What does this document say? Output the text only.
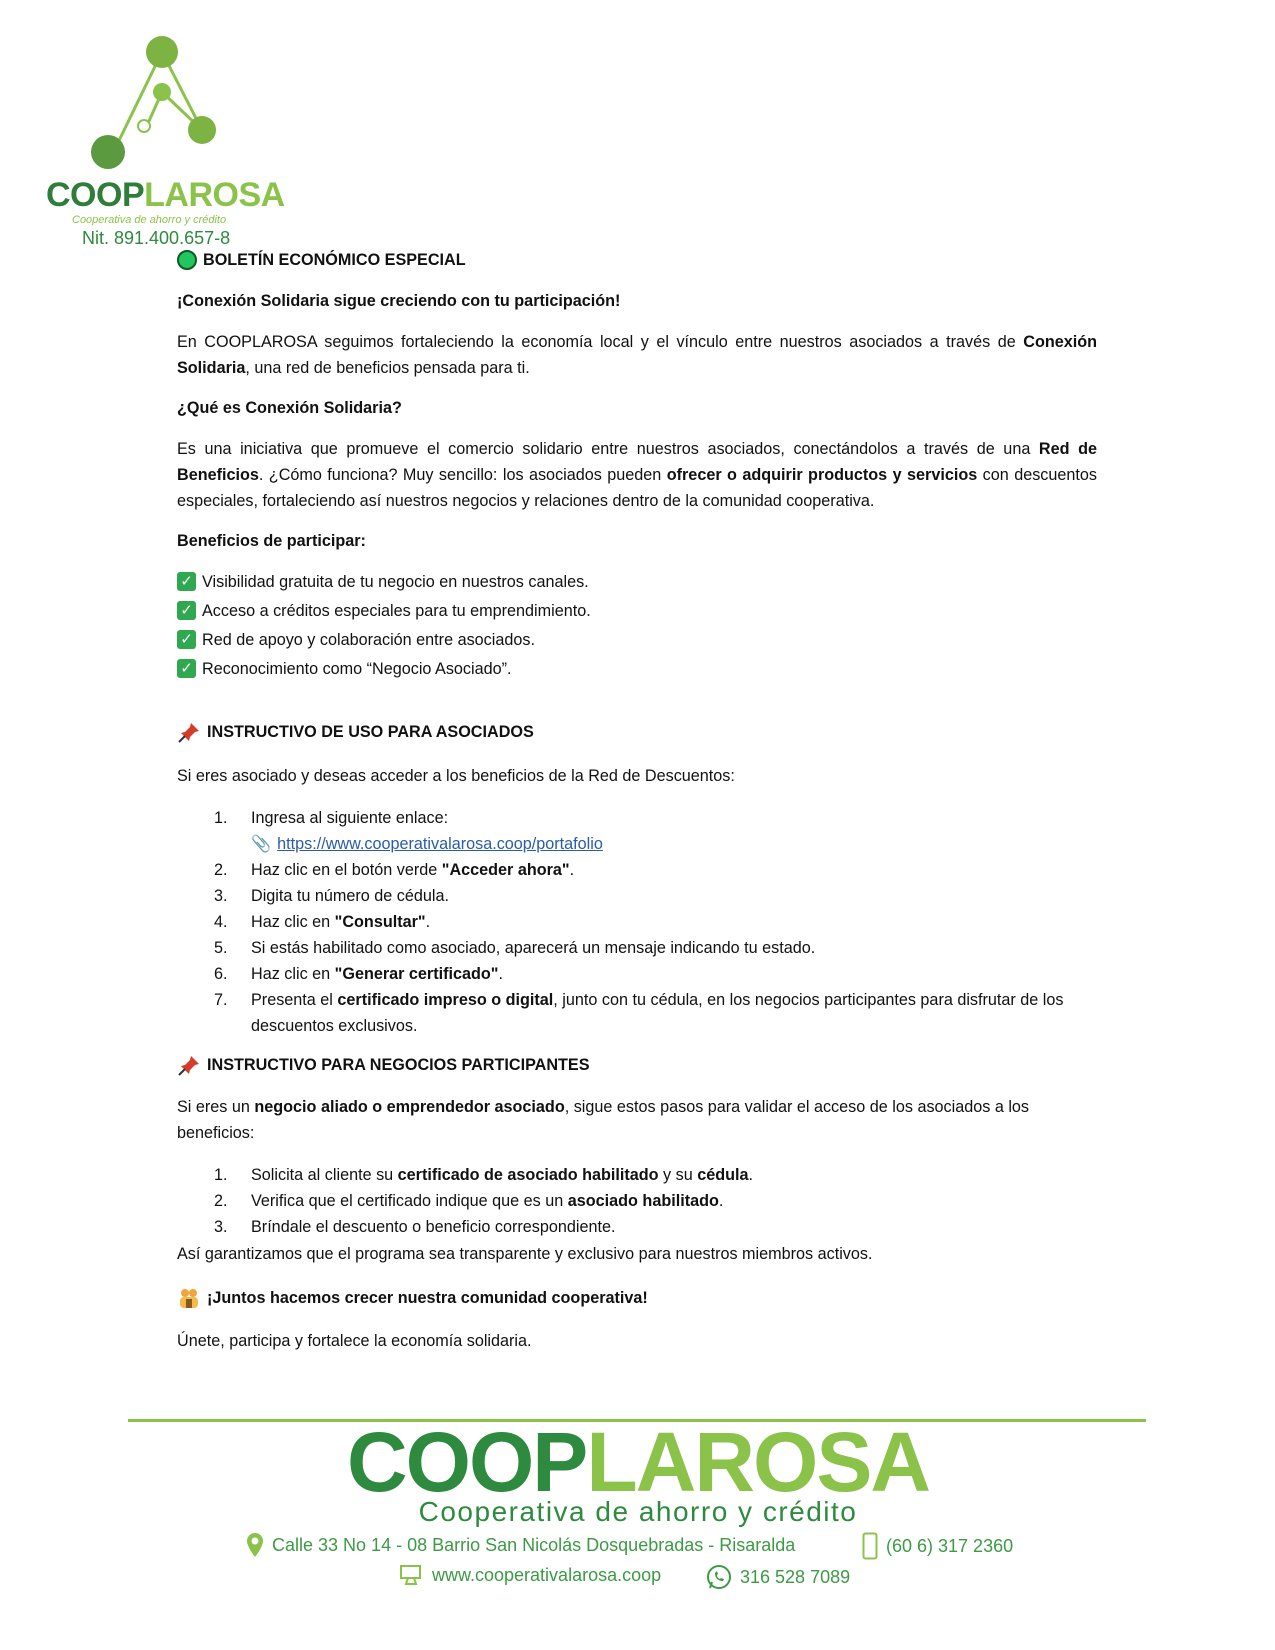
COOPLAROSA
Cooperativa de ahorro y crédito
Nit. 891.400.657-8
BOLETÍN ECONÓMICO ESPECIAL
¡Conexión Solidaria sigue creciendo con tu participación!
En COOPLAROSA seguimos fortaleciendo la economía local y el vínculo entre nuestros asociados a través de Conexión Solidaria, una red de beneficios pensada para ti.
¿Qué es Conexión Solidaria?
Es una iniciativa que promueve el comercio solidario entre nuestros asociados, conectándolos a través de una Red de Beneficios. ¿Cómo funciona? Muy sencillo: los asociados pueden ofrecer o adquirir productos y servicios con descuentos especiales, fortaleciendo así nuestros negocios y relaciones dentro de la comunidad cooperativa.
Beneficios de participar:
✓ Visibilidad gratuita de tu negocio en nuestros canales.
✓ Acceso a créditos especiales para tu emprendimiento.
✓ Red de apoyo y colaboración entre asociados.
✓ Reconocimiento como “Negocio Asociado”.
INSTRUCTIVO DE USO PARA ASOCIADOS
Si eres asociado y deseas acceder a los beneficios de la Red de Descuentos:
1. Ingresa al siguiente enlace:
📎 https://www.cooperativalarosa.coop/portafolio
2. Haz clic en el botón verde "Acceder ahora".
3. Digita tu número de cédula.
4. Haz clic en "Consultar".
5. Si estás habilitado como asociado, aparecerá un mensaje indicando tu estado.
6. Haz clic en "Generar certificado".
7. Presenta el certificado impreso o digital, junto con tu cédula, en los negocios participantes para disfrutar de los descuentos exclusivos.
INSTRUCTIVO PARA NEGOCIOS PARTICIPANTES
Si eres un negocio aliado o emprendedor asociado, sigue estos pasos para validar el acceso de los asociados a los beneficios:
1. Solicita al cliente su certificado de asociado habilitado y su cédula.
2. Verifica que el certificado indique que es un asociado habilitado.
3. Bríndale el descuento o beneficio correspondiente.
Así garantizamos que el programa sea transparente y exclusivo para nuestros miembros activos.
¡Juntos hacemos crecer nuestra comunidad cooperativa!
Únete, participa y fortalece la economía solidaria.
COOPLAROSA
Cooperativa de ahorro y crédito
Calle 33 No 14 - 08 Barrio San Nicolás Dosquebradas - Risaralda	(60 6) 317 2360
www.cooperativalarosa.coop	316 528 7089
